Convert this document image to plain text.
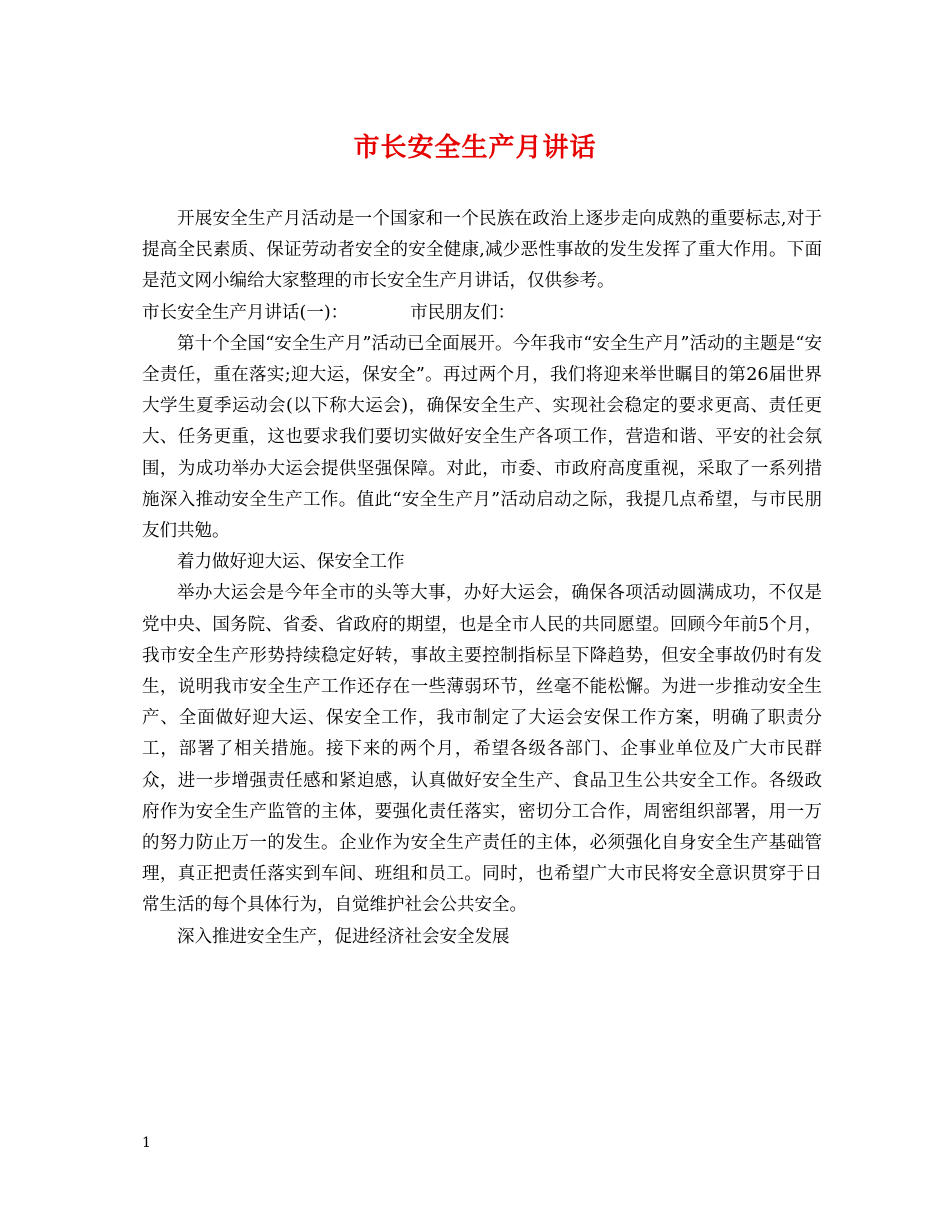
市长安全生产月讲话

开展安全生产月活动是一个国家和一个民族在政治上逐步走向成熟的重要标志,对于提高全民素质、保证劳动者安全的安全健康,减少恶性事故的发生发挥了重大作用。下面是范文网小编给大家整理的市长安全生产月讲话，仅供参考。

市长安全生产月讲话(一)：	市民朋友们：

第十个全国“安全生产月”活动已全面展开。今年我市“安全生产月”活动的主题是“安全责任，重在落实;迎大运，保安全”。再过两个月，我们将迎来举世瞩目的第26届世界大学生夏季运动会(以下称大运会)，确保安全生产、实现社会稳定的要求更高、责任更大、任务更重，这也要求我们要切实做好安全生产各项工作，营造和谐、平安的社会氛围，为成功举办大运会提供坚强保障。对此，市委、市政府高度重视，采取了一系列措施深入推动安全生产工作。值此“安全生产月”活动启动之际，我提几点希望，与市民朋友们共勉。

着力做好迎大运、保安全工作

举办大运会是今年全市的头等大事，办好大运会，确保各项活动圆满成功，不仅是党中央、国务院、省委、省政府的期望，也是全市人民的共同愿望。回顾今年前5个月，我市安全生产形势持续稳定好转，事故主要控制指标呈下降趋势，但安全事故仍时有发生，说明我市安全生产工作还存在一些薄弱环节，丝毫不能松懈。为进一步推动安全生产、全面做好迎大运、保安全工作，我市制定了大运会安保工作方案，明确了职责分工，部署了相关措施。接下来的两个月，希望各级各部门、企事业单位及广大市民群众，进一步增强责任感和紧迫感，认真做好安全生产、食品卫生公共安全工作。各级政府作为安全生产监管的主体，要强化责任落实，密切分工合作，周密组织部署，用一万的努力防止万一的发生。企业作为安全生产责任的主体，必须强化自身安全生产基础管理，真正把责任落实到车间、班组和员工。同时，也希望广大市民将安全意识贯穿于日常生活的每个具体行为，自觉维护社会公共安全。

深入推进安全生产，促进经济社会安全发展

1
